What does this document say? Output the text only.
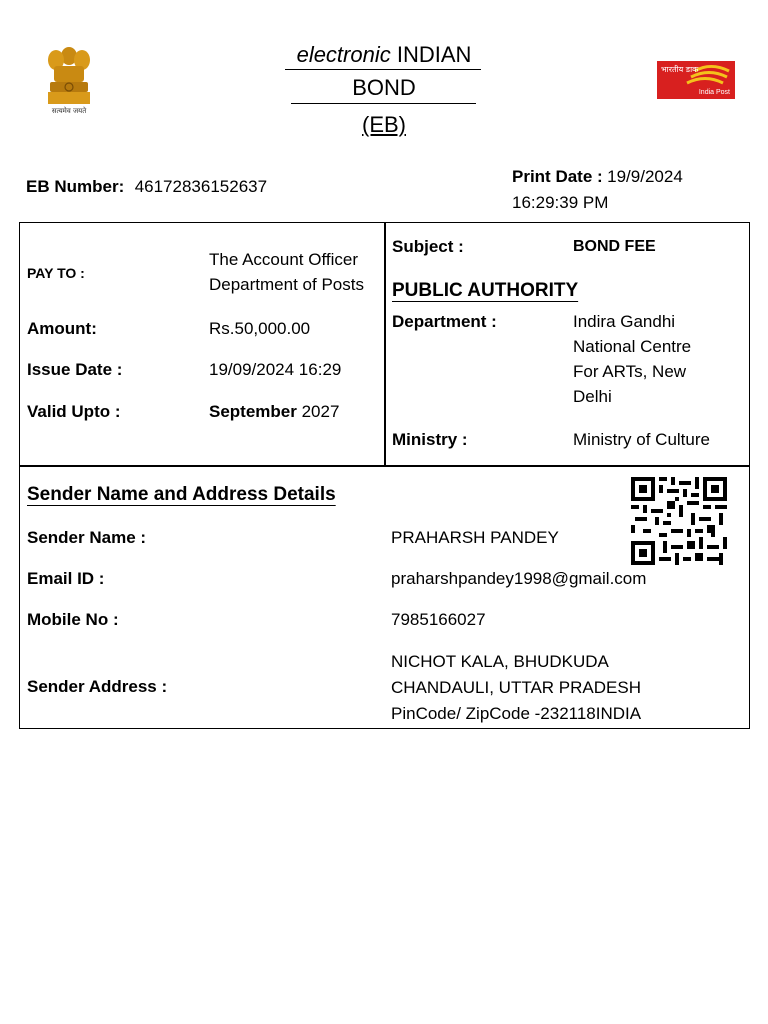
सत्यमेव जयते
electronic INDIAN
BOND
(EB)
भारतीय डाक
India Post
EB Number: 46172836152637
Print Date : 19/9/2024
16:29:39 PM
PAY TO :
The Account Officer
Department of Posts
Amount:	Rs.50,000.00
Issue Date :	19/09/2024 16:29
Valid Upto :	September 2027
Subject :	BOND FEE
PUBLIC AUTHORITY
Department :	Indira Gandhi
National Centre
For ARTs, New
Delhi
Ministry :	Ministry of Culture
Sender Name and Address Details
Sender Name :	PRAHARSH PANDEY
Email ID :	praharshpandey1998@gmail.com
Mobile No :	7985166027
Sender Address :
NICHOT KALA, BHUDKUDA
CHANDAULI, UTTAR PRADESH
PinCode/ ZipCode -232118INDIA
